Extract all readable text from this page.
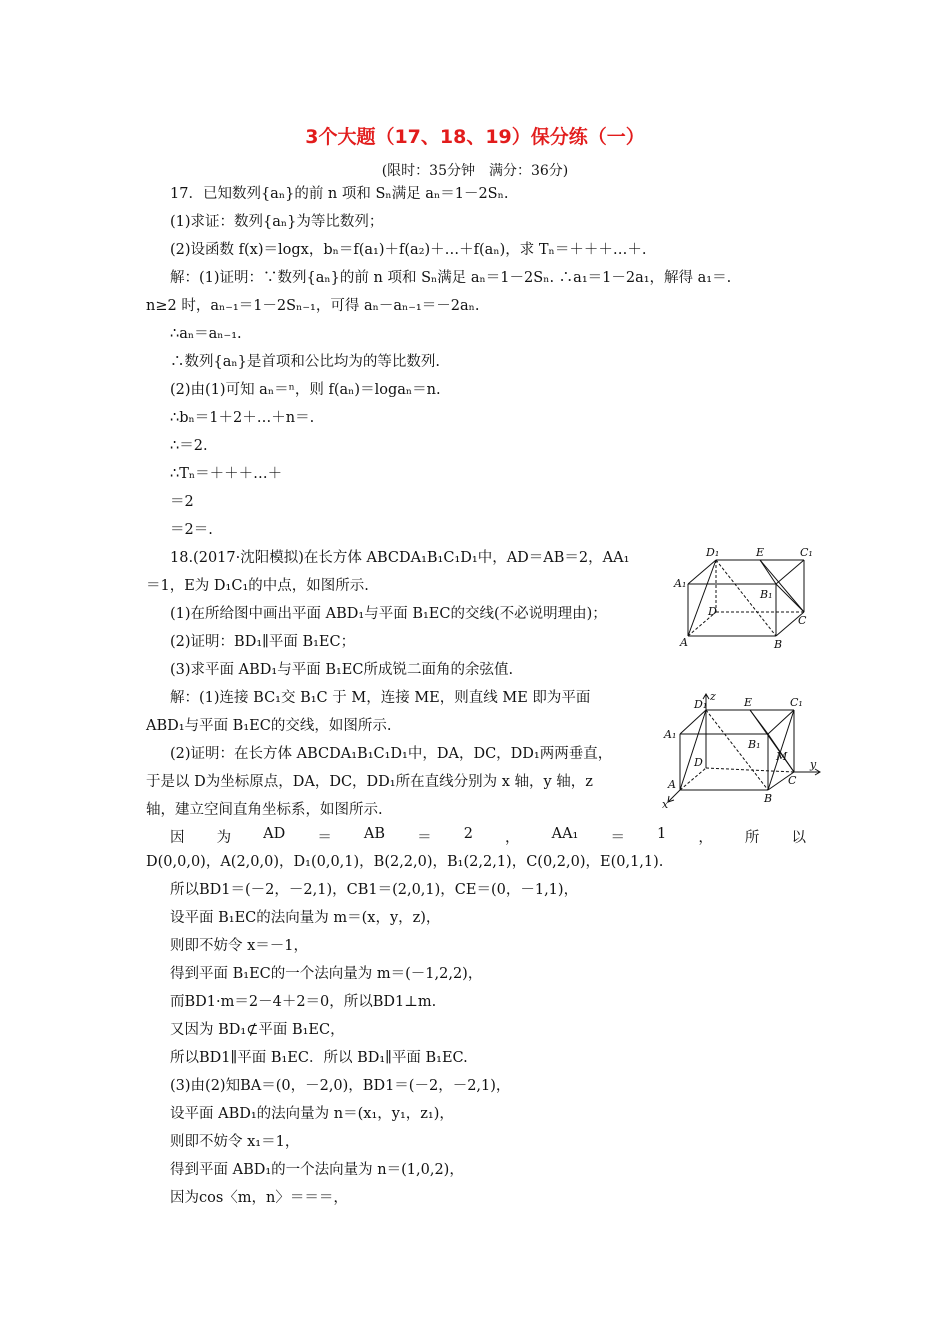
3个大题（17、18、19）保分练（一）
(限时：35分钟　满分：36分)
17．已知数列{aₙ}的前 n 项和 Sₙ满足 aₙ＝1－2Sₙ.
(1)求证：数列{aₙ}为等比数列；
(2)设函数 f(x)＝logx，bₙ＝f(a₁)＋f(a₂)＋…＋f(aₙ)，求 Tₙ＝＋＋＋…＋.
解：(1)证明：∵数列{aₙ}的前 n 项和 Sₙ满足 aₙ＝1－2Sₙ. ∴a₁＝1－2a₁，解得 a₁＝.
n≥2 时，aₙ₋₁＝1－2Sₙ₋₁，可得 aₙ－aₙ₋₁＝－2aₙ.
∴aₙ＝aₙ₋₁.
∴数列{aₙ}是首项和公比均为的等比数列.
(2)由(1)可知 aₙ＝ⁿ，则 f(aₙ)＝logaₙ＝n.
∴bₙ＝1＋2＋…＋n＝.
∴＝2.
∴Tₙ＝＋＋＋…＋
＝2
＝2＝.
18.(2017·沈阳模拟)在长方体 ABCDA₁B₁C₁D₁中，AD＝AB＝2，AA₁
＝1，E为 D₁C₁的中点，如图所示.
(1)在所给图中画出平面 ABD₁与平面 B₁EC的交线(不必说明理由)；
(2)证明：BD₁∥平面 B₁EC；
(3)求平面 ABD₁与平面 B₁EC所成锐二面角的余弦值.
解：(1)连接 BC₁交 B₁C 于 M，连接 ME，则直线 ME 即为平面
ABD₁与平面 B₁EC的交线，如图所示.
(2)证明：在长方体 ABCDA₁B₁C₁D₁中，DA，DC，DD₁两两垂直，
于是以 D为坐标原点，DA，DC，DD₁所在直线分别为 x 轴，y 轴，z
轴，建立空间直角坐标系，如图所示.
因 为 AD ＝ AB ＝ 2 ， AA₁ ＝ 1 ， 所 以
D(0,0,0)，A(2,0,0)，D₁(0,0,1)，B(2,2,0)，B₁(2,2,1)，C(0,2,0)，E(0,1,1).
所以BD1＝(－2，－2,1)，CB1＝(2,0,1)，CE＝(0，－1,1)，
设平面 B₁EC的法向量为 m＝(x，y，z)，
则即不妨令 x＝－1，
得到平面 B₁EC的一个法向量为 m＝(－1,2,2)，
而BD1·m＝2－4＋2＝0，所以BD1⊥m.
又因为 BD₁⊄平面 B₁EC，
所以BD1∥平面 B₁EC．所以 BD₁∥平面 B₁EC.
(3)由(2)知BA＝(0，－2,0)，BD1＝(－2，－2,1)，
设平面 ABD₁的法向量为 n＝(x₁，y₁，z₁)，
则即不妨令 x₁＝1，
得到平面 ABD₁的一个法向量为 n＝(1,0,2)，
因为cos〈m，n〉＝＝＝，
D₁	E	C₁
A₁
B₁
D
C
A	B
z
D₁	E	C₁
A₁
B₁
M
D
C
y
A
B
x
